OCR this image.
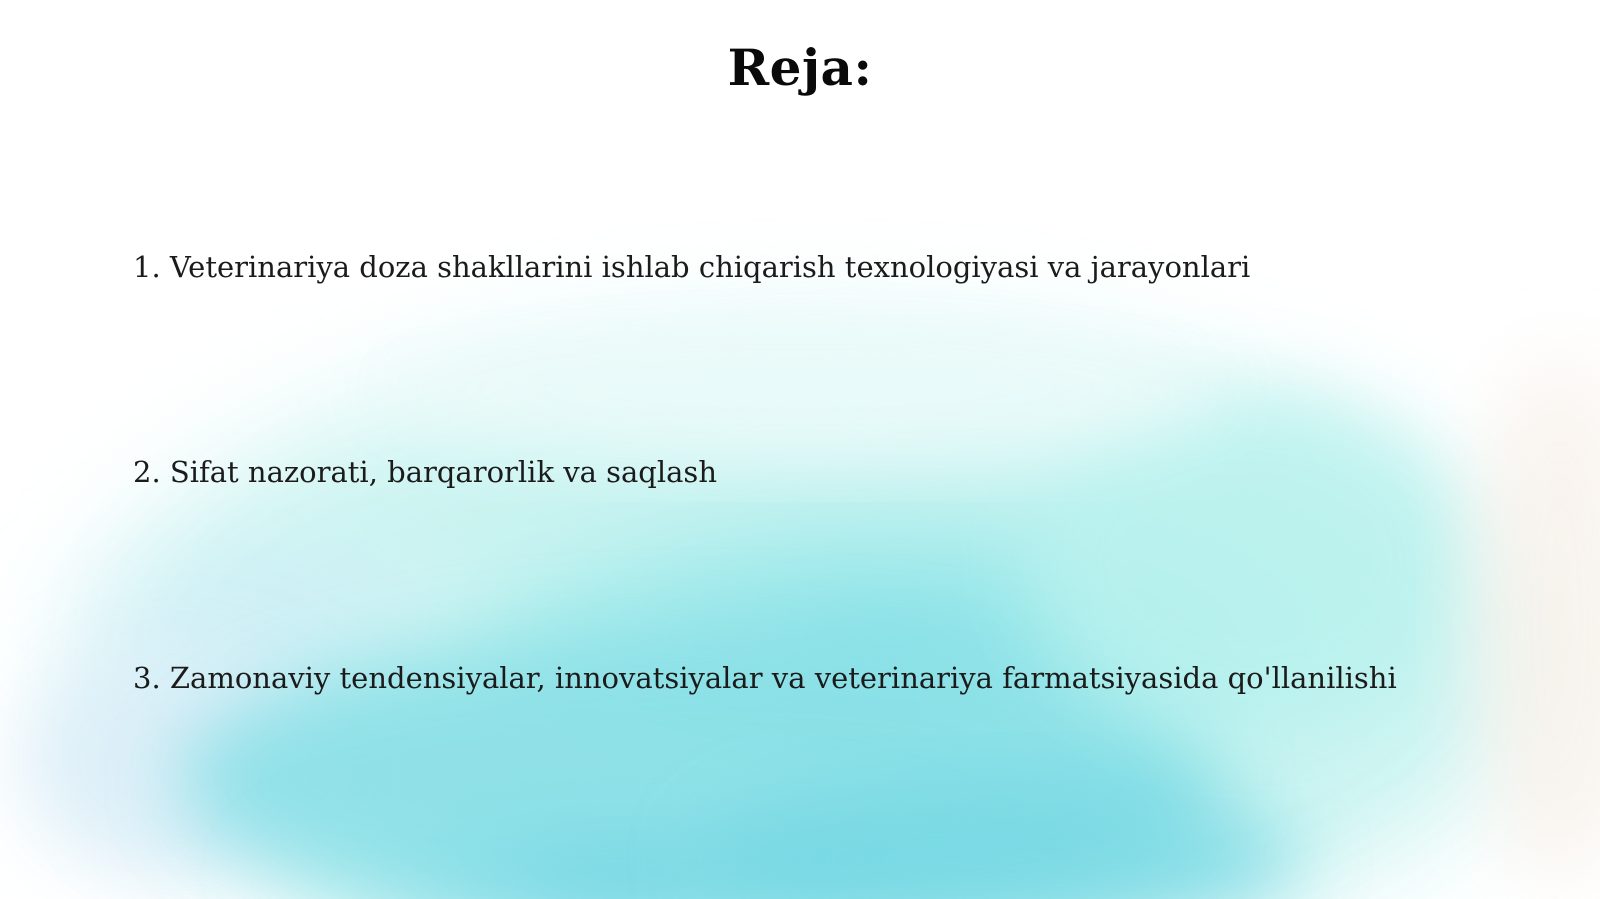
Reja:

1. Veterinariya doza shakllarini ishlab chiqarish texnologiyasi va jarayonlari

2. Sifat nazorati, barqarorlik va saqlash

3. Zamonaviy tendensiyalar, innovatsiyalar va veterinariya farmatsiyasida qo'llanilishi
